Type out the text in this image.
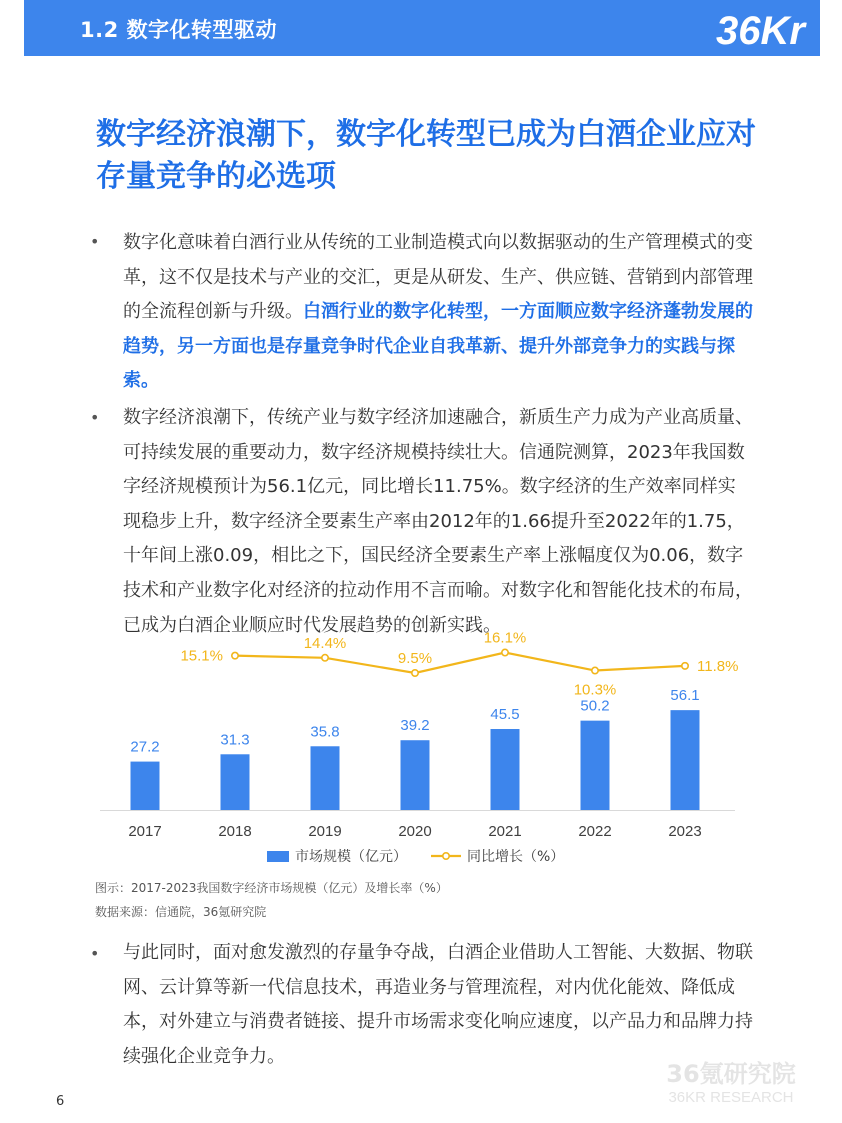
1.2 数字化转型驱动	36Kr
数字经济浪潮下，数字化转型已成为白酒企业应对存量竞争的必选项
•	数字化意味着白酒行业从传统的工业制造模式向以数据驱动的生产管理模式的变革，这不仅是技术与产业的交汇，更是从研发、生产、供应链、营销到内部管理的全流程创新与升级。白酒行业的数字化转型，一方面顺应数字经济蓬勃发展的趋势，另一方面也是存量竞争时代企业自我革新、提升外部竞争力的实践与探索。
•	数字经济浪潮下，传统产业与数字经济加速融合，新质生产力成为产业高质量、可持续发展的重要动力，数字经济规模持续壮大。信通院测算，2023年我国数字经济规模预计为56.1亿元，同比增长11.75%。数字经济的生产效率同样实现稳步上升，数字经济全要素生产率由2012年的1.66提升至2022年的1.75，十年间上涨0.09，相比之下，国民经济全要素生产率上涨幅度仅为0.06，数字技术和产业数字化对经济的拉动作用不言而喻。对数字化和智能化技术的布局，已成为白酒企业顺应时代发展趋势的创新实践。
27.2
2017
31.3
2018
35.8
2019
39.2
2020
45.5
2021
50.2
2022
56.1
2023
15.1%
14.4%
9.5%
16.1%
10.3%
11.8%
市场规模（亿元）	同比增长（%）
图示：2017-2023我国数字经济市场规模（亿元）及增长率（%）
数据来源：信通院，36氪研究院
•	与此同时，面对愈发激烈的存量争夺战，白酒企业借助人工智能、大数据、物联网、云计算等新一代信息技术，再造业务与管理流程，对内优化能效、降低成本，对外建立与消费者链接、提升市场需求变化响应速度，以产品力和品牌力持续强化企业竞争力。
36氪研究院
36KR RESEARCH
6
